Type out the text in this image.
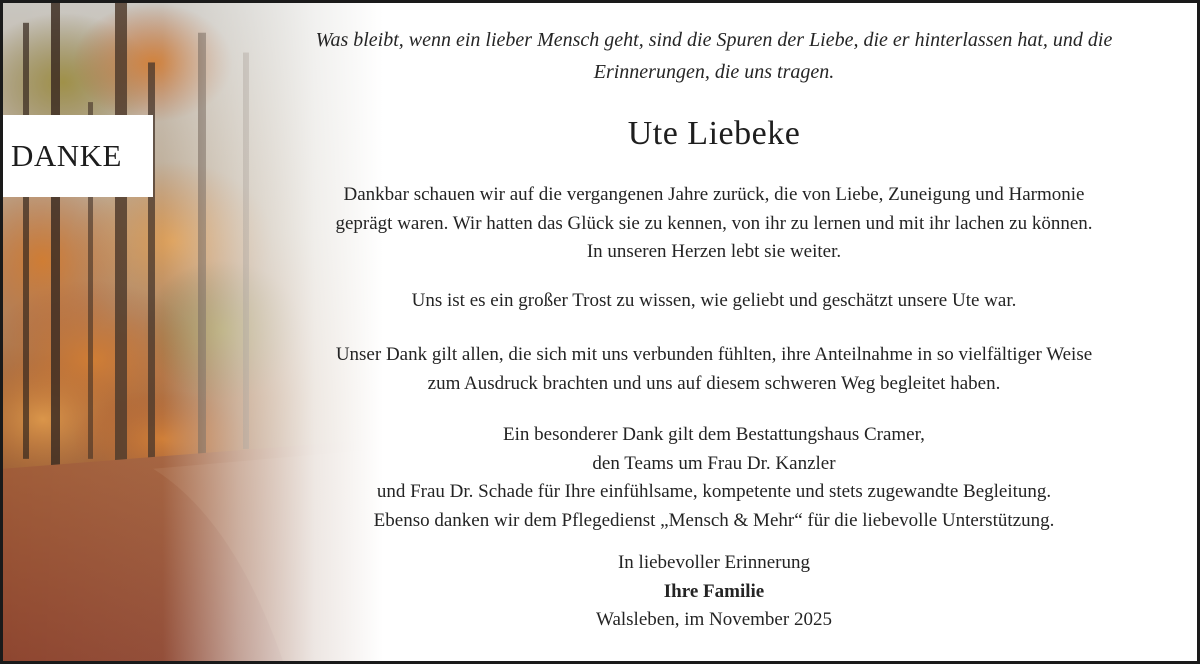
DANKE
Was bleibt, wenn ein lieber Mensch geht, sind die Spuren der Liebe, die er hinterlassen hat, und die
Erinnerungen, die uns tragen.
Ute Liebeke
Dankbar schauen wir auf die vergangenen Jahre zurück, die von Liebe, Zuneigung und Harmonie
geprägt waren. Wir hatten das Glück sie zu kennen, von ihr zu lernen und mit ihr lachen zu können.
In unseren Herzen lebt sie weiter.
Uns ist es ein großer Trost zu wissen, wie geliebt und geschätzt unsere Ute war.
Unser Dank gilt allen, die sich mit uns verbunden fühlten, ihre Anteilnahme in so vielfältiger Weise
zum Ausdruck brachten und uns auf diesem schweren Weg begleitet haben.
Ein besonderer Dank gilt dem Bestattungshaus Cramer,
den Teams um Frau Dr. Kanzler
und Frau Dr. Schade für Ihre einfühlsame, kompetente und stets zugewandte Begleitung.
Ebenso danken wir dem Pflegedienst „Mensch & Mehr“ für die liebevolle Unterstützung.
In liebevoller Erinnerung
Ihre Familie
Walsleben, im November 2025
